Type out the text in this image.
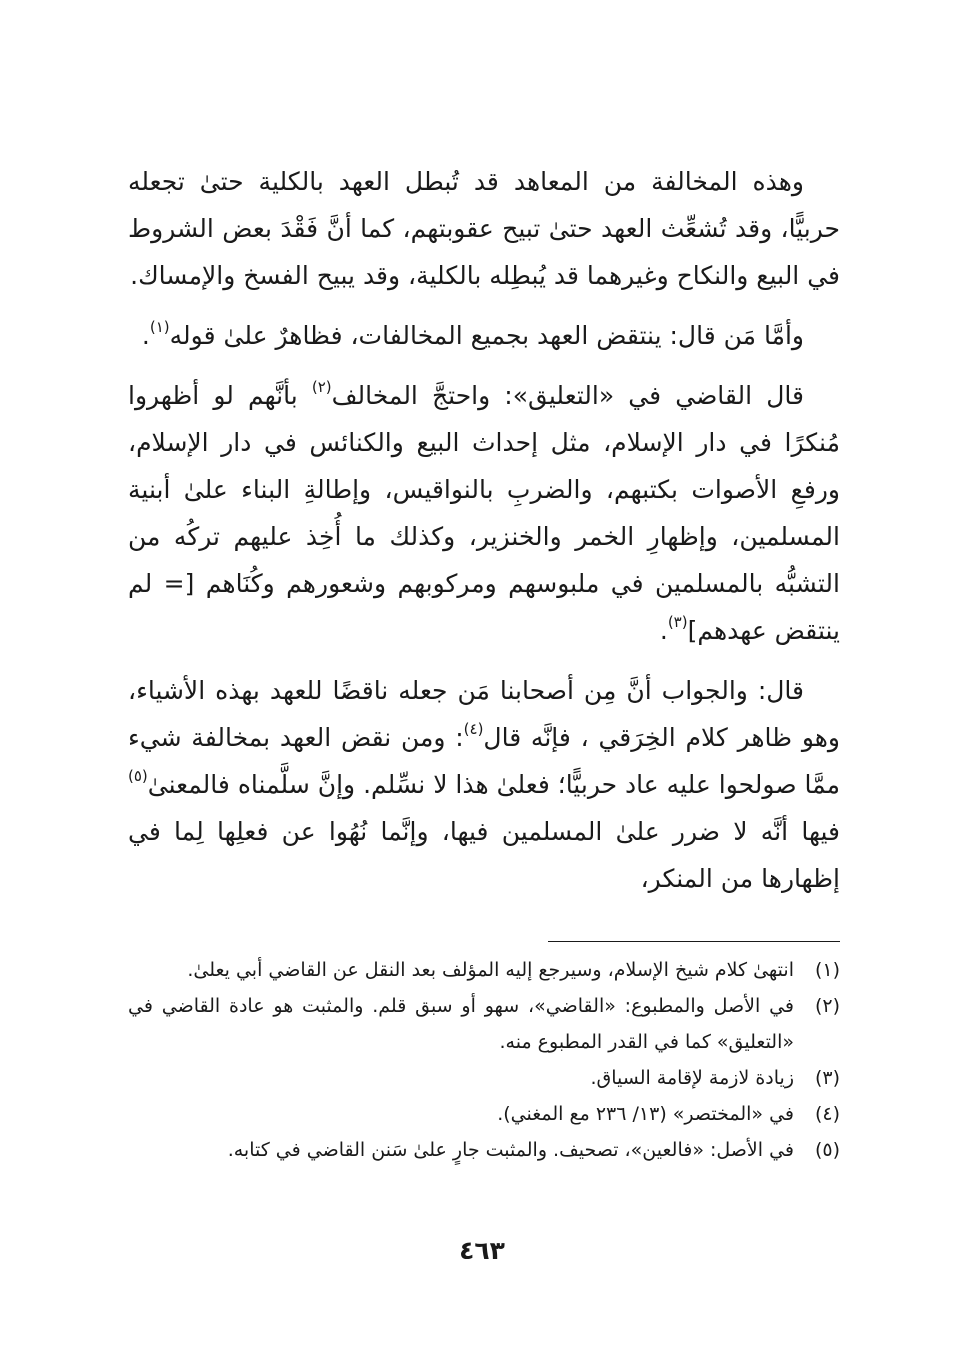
وهذه المخالفة من المعاهد قد تُبطل العهد بالكلية حتىٰ تجعله حربيًّا، وقد تُشعِّث العهد حتىٰ تبيح عقوبتهم، كما أنَّ فَقْدَ بعض الشروط في البيع والنكاح وغيرهما قد يُبطِله بالكلية، وقد يبيح الفسخ والإمساك.

وأمَّا مَن قال: ينتقض العهد بجميع المخالفات، فظاهرٌ علىٰ قوله$^{(١)}$.

قال القاضي في «التعليق»: واحتجَّ المخالف$^{(٢)}$ بأنَّهم لو أظهروا مُنكرًا في دار الإسلام، مثل إحداث البيع والكنائس في دار الإسلام، ورفعِ الأصوات بكتبهم، والضربِ بالنواقيس، وإطالةِ البناء علىٰ أبنية المسلمين، وإظهارِ الخمر والخنزير، وكذلك ما أُخِذ عليهم تركُه من التشبُّه بالمسلمين في ملبوسهم ومركوبهم وشعورهم وكُنَاهم [= لم ينتقض عهدهم]$^{(٣)}$.

قال: والجواب أنَّ مِن أصحابنا مَن جعله ناقضًا للعهد بهذه الأشياء، وهو ظاهر كلام الخِرَقي ، فإنَّه قال$^{(٤)}$: ومن نقض العهد بمخالفة شيء ممَّا صولحوا عليه عاد حربيًّا؛ فعلىٰ هذا لا نسِّلم. وإنَّ سلَّمناه فالمعنىٰ$^{(٥)}$ فيها أنَّه لا ضرر علىٰ المسلمين فيها، وإنَّما نُهُوا عن فعلِها لِما في إظهارها من المنكر،

(١)
انتهىٰ كلام شيخ الإسلام، وسيرجع إليه المؤلف بعد النقل عن القاضي أبي يعلىٰ.
(٢)
في الأصل والمطبوع: «القاضي»، سهو أو سبق قلم. والمثبت هو عادة القاضي في «التعليق» كما في القدر المطبوع منه.
(٣)
زيادة لازمة لإقامة السياق.
(٤)
في «المختصر» (١٣/ ٢٣٦ مع المغني).
(٥)
في الأصل: «فالعين»، تصحيف. والمثبت جارٍ علىٰ سَنن القاضي في كتابه.
٤٦٣
